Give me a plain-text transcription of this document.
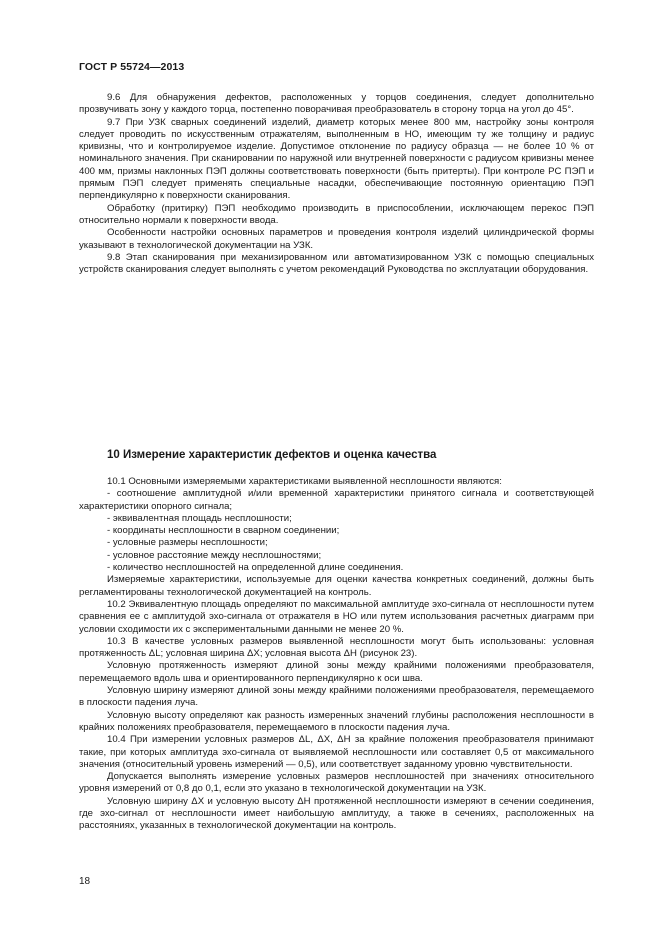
ГОСТ Р 55724—2013

9.6 Для обнаружения дефектов, расположенных у торцов соединения, следует дополнительно прозвучивать зону у каждого торца, постепенно поворачивая преобразователь в сторону торца на угол до 45°.

9.7 При УЗК сварных соединений изделий, диаметр которых менее 800 мм, настройку зоны контроля следует проводить по искусственным отражателям, выполненным в НО, имеющим ту же толщину и радиус кривизны, что и контролируемое изделие. Допустимое отклонение по радиусу образца — не более 10 % от номинального значения. При сканировании по наружной или внутренней поверхности с радиусом кривизны менее 400 мм, призмы наклонных ПЭП должны соответствовать поверхности (быть притерты). При контроле РС ПЭП и прямым ПЭП следует применять специальные насадки, обеспечивающие постоянную ориентацию ПЭП перпендикулярно к поверхности сканирования.

Обработку (притирку) ПЭП необходимо производить в приспособлении, исключающем перекос ПЭП относительно нормали к поверхности ввода.

Особенности настройки основных параметров и проведения контроля изделий цилиндрической формы указывают в технологической документации на УЗК.

9.8 Этап сканирования при механизированном или автоматизированном УЗК с помощью специальных устройств сканирования следует выполнять с учетом рекомендаций Руководства по эксплуатации оборудования.

10 Измерение характеристик дефектов и оценка качества

10.1 Основными измеряемыми характеристиками выявленной несплошности являются:

- соотношение амплитудной и/или временной характеристики принятого сигнала и соответствующей характеристики опорного сигнала;

- эквивалентная площадь несплошности;

- координаты несплошности в сварном соединении;

- условные размеры несплошности;

- условное расстояние между несплошностями;

- количество несплошностей на определенной длине соединения.

Измеряемые характеристики, используемые для оценки качества конкретных соединений, должны быть регламентированы технологической документацией на контроль.

10.2 Эквивалентную площадь определяют по максимальной амплитуде эхо-сигнала от несплошности путем сравнения ее с амплитудой эхо-сигнала от отражателя в НО или путем использования расчетных диаграмм при условии сходимости их с экспериментальными данными не менее 20 %.

10.3 В качестве условных размеров выявленной несплошности могут быть использованы: условная протяженность ΔL; условная ширина ΔX; условная высота ΔH (рисунок 23).

Условную протяженность измеряют длиной зоны между крайними положениями преобразователя, перемещаемого вдоль шва и ориентированного перпендикулярно к оси шва.

Условную ширину измеряют длиной зоны между крайними положениями преобразователя, перемещаемого в плоскости падения луча.

Условную высоту определяют как разность измеренных значений глубины расположения несплошности в крайних положениях преобразователя, перемещаемого в плоскости падения луча.

10.4 При измерении условных размеров ΔL, ΔX, ΔH за крайние положения преобразователя принимают такие, при которых амплитуда эхо-сигнала от выявляемой несплошности или составляет 0,5 от максимального значения (относительный уровень измерений — 0,5), или соответствует заданному уровню чувствительности.

Допускается выполнять измерение условных размеров несплошностей при значениях относительного уровня измерений от 0,8 до 0,1, если это указано в технологической документации на УЗК.

Условную ширину ΔX и условную высоту ΔH протяженной несплошности измеряют в сечении соединения, где эхо-сигнал от несплошности имеет наибольшую амплитуду, а также в сечениях, расположенных на расстояниях, указанных в технологической документации на контроль.

18
